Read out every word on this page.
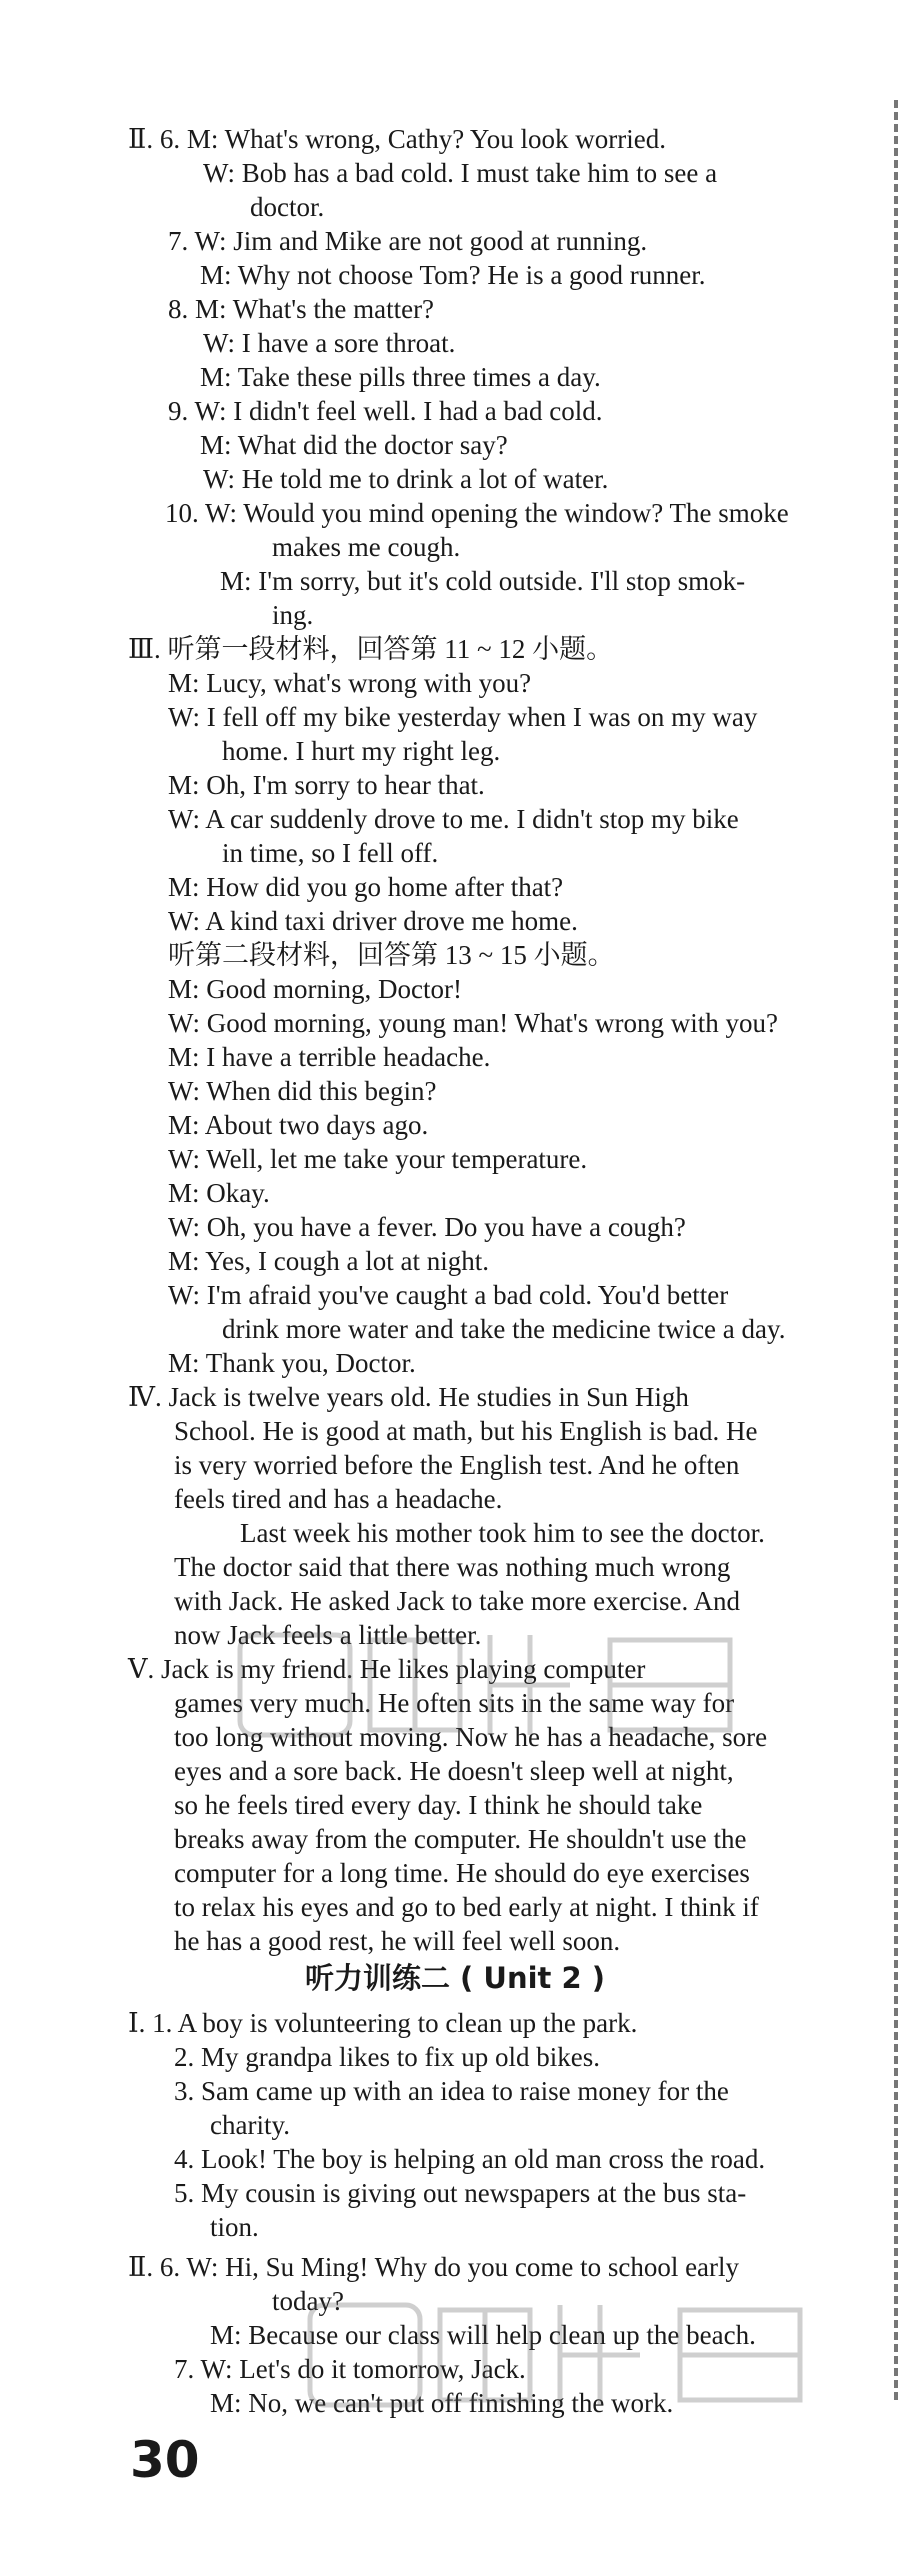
Ⅱ. 6. M: What's wrong, Cathy? You look worried.
W: Bob has a bad cold. I must take him to see a
doctor.
7. W: Jim and Mike are not good at running.
M: Why not choose Tom? He is a good runner.
8. M: What's the matter?
W: I have a sore throat.
M: Take these pills three times a day.
9. W: I didn't feel well. I had a bad cold.
M: What did the doctor say?
W: He told me to drink a lot of water.
10. W: Would you mind opening the window? The smoke
makes me cough.
M: I'm sorry, but it's cold outside. I'll stop smok-
ing.
Ⅲ. 听第一段材料，回答第 11 ~ 12 小题。
M: Lucy, what's wrong with you?
W: I fell off my bike yesterday when I was on my way
home. I hurt my right leg.
M: Oh, I'm sorry to hear that.
W: A car suddenly drove to me. I didn't stop my bike
in time, so I fell off.
M: How did you go home after that?
W: A kind taxi driver drove me home.
听第二段材料，回答第 13 ~ 15 小题。
M: Good morning, Doctor!
W: Good morning, young man! What's wrong with you?
M: I have a terrible headache.
W: When did this begin?
M: About two days ago.
W: Well, let me take your temperature.
M: Okay.
W: Oh, you have a fever. Do you have a cough?
M: Yes, I cough a lot at night.
W: I'm afraid you've caught a bad cold. You'd better
drink more water and take the medicine twice a day.
M: Thank you, Doctor.
Ⅳ. Jack is twelve years old. He studies in Sun High
School. He is good at math, but his English is bad. He
is very worried before the English test. And he often
feels tired and has a headache.
Last week his mother took him to see the doctor.
The doctor said that there was nothing much wrong
with Jack. He asked Jack to take more exercise. And
now Jack feels a little better.
Ⅴ. Jack is my friend. He likes playing computer
games very much. He often sits in the same way for
too long without moving. Now he has a headache, sore
eyes and a sore back. He doesn't sleep well at night,
so he feels tired every day. I think he should take
breaks away from the computer. He shouldn't use the
computer for a long time. He should do eye exercises
to relax his eyes and go to bed early at night. I think if
he has a good rest, he will feel well soon.
听力训练二 ( Unit 2 )
Ⅰ. 1. A boy is volunteering to clean up the park.
2. My grandpa likes to fix up old bikes.
3. Sam came up with an idea to raise money for the
charity.
4. Look! The boy is helping an old man cross the road.
5. My cousin is giving out newspapers at the bus sta-
tion.
Ⅱ. 6. W: Hi, Su Ming! Why do you come to school early
today?
M: Because our class will help clean up the beach.
7. W: Let's do it tomorrow, Jack.
M: No, we can't put off finishing the work.
30
